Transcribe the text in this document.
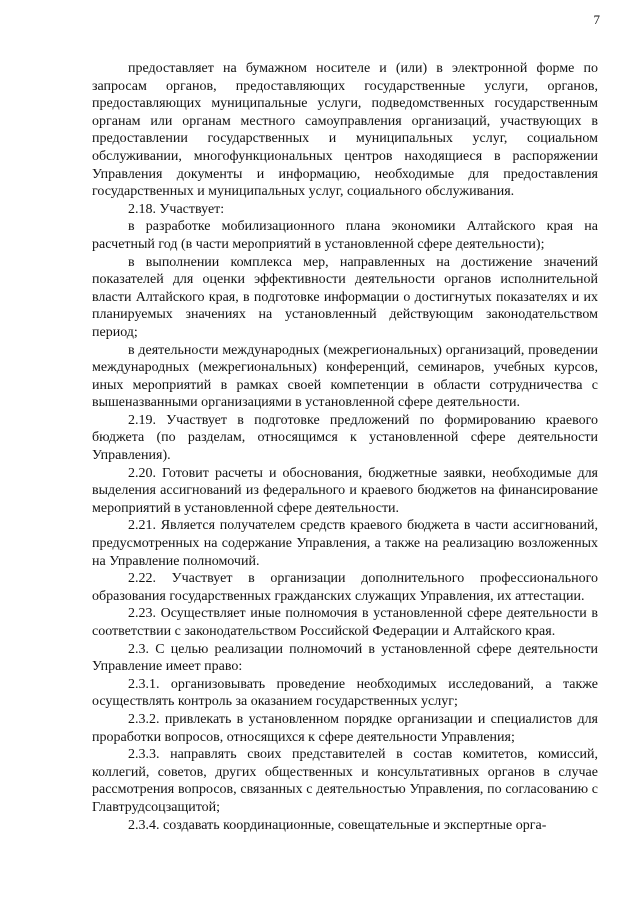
7

предоставляет на бумажном носителе и (или) в электронной форме по запросам органов, предоставляющих государственные услуги, органов, предоставляющих муниципальные услуги, подведомственных государственным органам или органам местного самоуправления организаций, участвующих в предоставлении государственных и муниципальных услуг, социальном обслуживании, многофункциональных центров находящиеся в распоряжении Управления документы и информацию, необходимые для предоставления государственных и муниципальных услуг, социального обслуживания.

2.18. Участвует:

в разработке мобилизационного плана экономики Алтайского края на расчетный год (в части мероприятий в установленной сфере деятельности);

в выполнении комплекса мер, направленных на достижение значений показателей для оценки эффективности деятельности органов исполнительной власти Алтайского края, в подготовке информации о достигнутых показателях и их планируемых значениях на установленный действующим законодательством период;

в деятельности международных (межрегиональных) организаций, проведении международных (межрегиональных) конференций, семинаров, учебных курсов, иных мероприятий в рамках своей компетенции в области сотрудничества с вышеназванными организациями в установленной сфере деятельности.

2.19. Участвует в подготовке предложений по формированию краевого бюджета (по разделам, относящимся к установленной сфере деятельности Управления).

2.20. Готовит расчеты и обоснования, бюджетные заявки, необходимые для выделения ассигнований из федерального и краевого бюджетов на финансирование мероприятий в установленной сфере деятельности.

2.21. Является получателем средств краевого бюджета в части ассигнований, предусмотренных на содержание Управления, а также на реализацию возложенных на Управление полномочий.

2.22. Участвует в организации дополнительного профессионального образования государственных гражданских служащих Управления, их аттестации.

2.23. Осуществляет иные полномочия в установленной сфере деятельности в соответствии с законодательством Российской Федерации и Алтайского края.

2.3. С целью реализации полномочий в установленной сфере деятельности Управление имеет право:

2.3.1. организовывать проведение необходимых исследований, а также осуществлять контроль за оказанием государственных услуг;

2.3.2. привлекать в установленном порядке организации и специалистов для проработки вопросов, относящихся к сфере деятельности Управления;

2.3.3. направлять своих представителей в состав комитетов, комиссий, коллегий, советов, других общественных и консультативных органов в случае рассмотрения вопросов, связанных с деятельностью Управления, по согласованию с Главтрудсоцзащитой;

2.3.4. создавать координационные, совещательные и экспертные орга-
